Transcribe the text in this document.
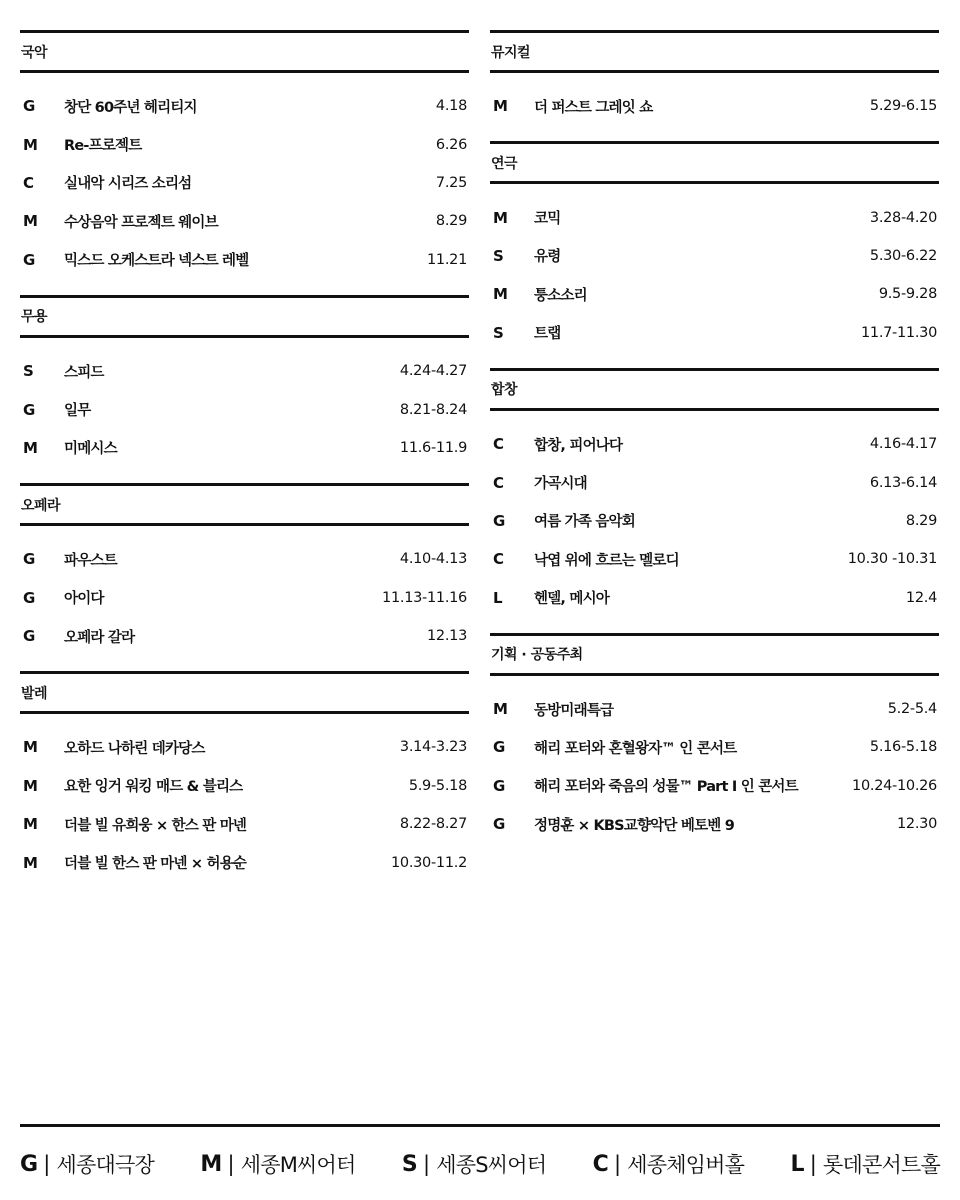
국악
G	창단 60주년 헤리티지	4.18
M	Re-프로젝트	6.26
C	실내악 시리즈 소리섬	7.25
M	수상음악 프로젝트 웨이브	8.29
G	믹스드 오케스트라 넥스트 레벨	11.21
무용
S	스피드	4.24-4.27
G	일무	8.21-8.24
M	미메시스	11.6-11.9
오페라
G	파우스트	4.10-4.13
G	아이다	11.13-11.16
G	오페라 갈라	12.13
발레
M	오하드 나하린 데카당스	3.14-3.23
M	요한 잉거 워킹 매드 & 블리스	5.9-5.18
M	더블 빌 유희웅 × 한스 판 마넨	8.22-8.27
M	더블 빌 한스 판 마넨 × 허용순	10.30-11.2
뮤지컬
M	더 퍼스트 그레잇 쇼	5.29-6.15
연극
M	코믹	3.28-4.20
S	유령	5.30-6.22
M	퉁소소리	9.5-9.28
S	트랩	11.7-11.30
합창
C	합창, 피어나다	4.16-4.17
C	가곡시대	6.13-6.14
G	여름 가족 음악회	8.29
C	낙엽 위에 흐르는 멜로디	10.30 -10.31
L	헨델, 메시아	12.4
기획 · 공동주최
M	동방미래특급	5.2-5.4
G	해리 포터와 혼혈왕자™ 인 콘서트	5.16-5.18
G	해리 포터와 죽음의 성물™ Part I 인 콘서트	10.24-10.26
G	정명훈 × KBS교향악단 베토벤 9	12.30
G | 세종대극장 M | 세종M씨어터 S | 세종S씨어터 C | 세종체임버홀 L | 롯데콘서트홀
